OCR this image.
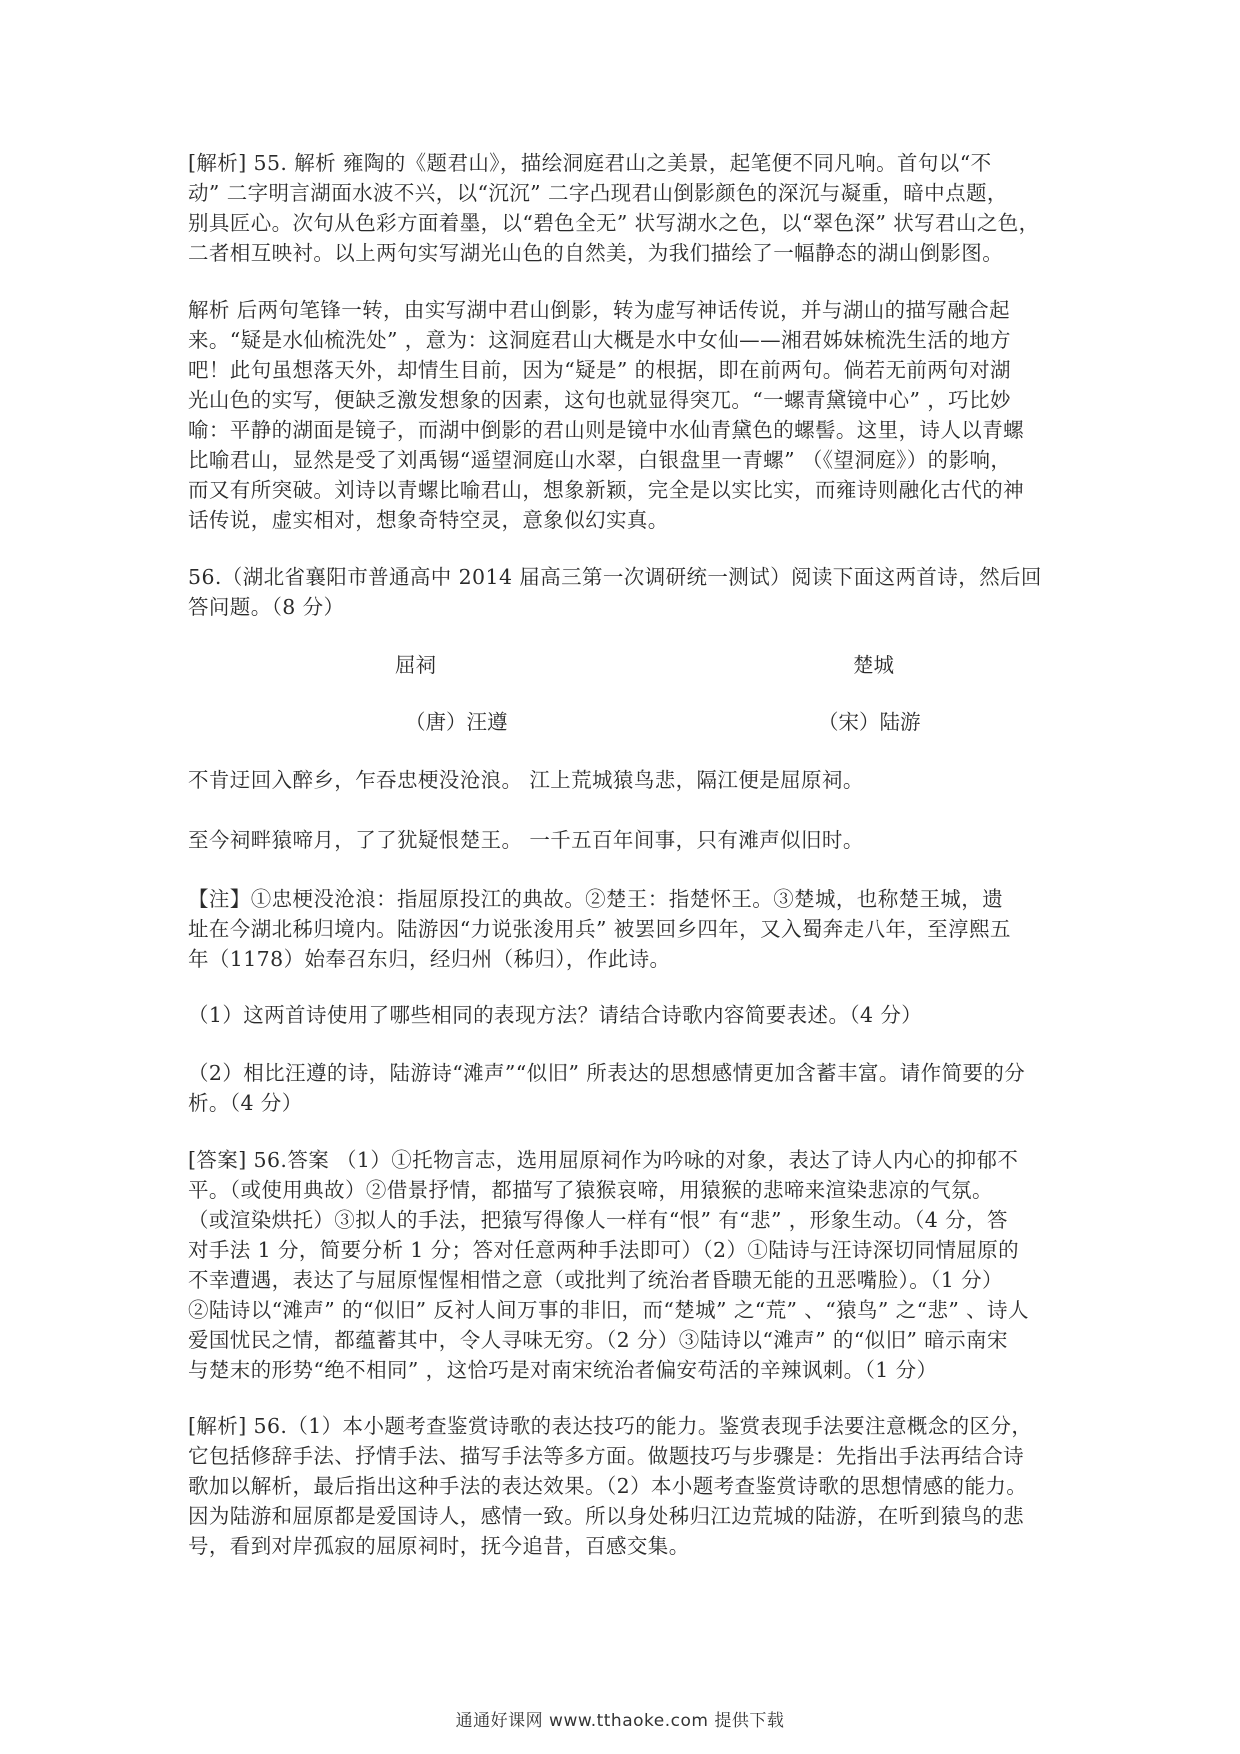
[解析] 55. 解析 雍陶的《题君山》，描绘洞庭君山之美景，起笔便不同凡响。首句以“不
动” 二字明言湖面水波不兴，以“沉沉” 二字凸现君山倒影颜色的深沉与凝重，暗中点题，
别具匠心。次句从色彩方面着墨，以“碧色全无” 状写湖水之色，以“翠色深” 状写君山之色，
二者相互映衬。以上两句实写湖光山色的自然美，为我们描绘了一幅静态的湖山倒影图。
解析 后两句笔锋一转，由实写湖中君山倒影，转为虚写神话传说，并与湖山的描写融合起
来。“疑是水仙梳洗处” ，意为：这洞庭君山大概是水中女仙——湘君姊妹梳洗生活的地方
吧！此句虽想落天外，却情生目前，因为“疑是” 的根据，即在前两句。倘若无前两句对湖
光山色的实写，便缺乏激发想象的因素，这句也就显得突兀。“一螺青黛镜中心” ，巧比妙
喻：平静的湖面是镜子，而湖中倒影的君山则是镜中水仙青黛色的螺髻。这里，诗人以青螺
比喻君山，显然是受了刘禹锡“遥望洞庭山水翠，白银盘里一青螺” （《望洞庭》）的影响，
而又有所突破。刘诗以青螺比喻君山，想象新颖，完全是以实比实，而雍诗则融化古代的神
话传说，虚实相对，想象奇特空灵，意象似幻实真。
56.（湖北省襄阳市普通高中 2014 届高三第一次调研统一测试）阅读下面这两首诗，然后回
答问题。（8 分）
屈祠	楚城
（唐）汪遵	（宋）陆游
不肯迂回入醉乡，乍吞忠梗没沧浪。 江上荒城猿鸟悲，隔江便是屈原祠。
至今祠畔猿啼月，了了犹疑恨楚王。 一千五百年间事，只有滩声似旧时。
【注】①忠梗没沧浪：指屈原投江的典故。②楚王：指楚怀王。③楚城，也称楚王城，遗
址在今湖北秭归境内。陆游因“力说张浚用兵” 被罢回乡四年，又入蜀奔走八年，至淳熙五
年（1178）始奉召东归，经归州（秭归），作此诗。
（1）这两首诗使用了哪些相同的表现方法？请结合诗歌内容简要表述。（4 分）
（2）相比汪遵的诗，陆游诗“滩声”“似旧” 所表达的思想感情更加含蓄丰富。请作简要的分
析。（4 分）
[答案] 56.答案 （1）①托物言志，选用屈原祠作为吟咏的对象，表达了诗人内心的抑郁不
平。（或使用典故）②借景抒情，都描写了猿猴哀啼，用猿猴的悲啼来渲染悲凉的气氛。
（或渲染烘托）③拟人的手法，把猿写得像人一样有“恨” 有“悲” ，形象生动。（4 分，答
对手法 1 分，简要分析 1 分；答对任意两种手法即可）（2）①陆诗与汪诗深切同情屈原的
不幸遭遇，表达了与屈原惺惺相惜之意（或批判了统治者昏聩无能的丑恶嘴脸）。（1 分）
②陆诗以“滩声” 的“似旧” 反衬人间万事的非旧，而“楚城” 之“荒” 、“猿鸟” 之“悲” 、诗人
爱国忧民之情，都蕴蓄其中，令人寻味无穷。（2 分）③陆诗以“滩声” 的“似旧” 暗示南宋
与楚末的形势“绝不相同” ，这恰巧是对南宋统治者偏安苟活的辛辣讽刺。（1 分）
[解析] 56.（1）本小题考查鉴赏诗歌的表达技巧的能力。鉴赏表现手法要注意概念的区分，
它包括修辞手法、抒情手法、描写手法等多方面。做题技巧与步骤是：先指出手法再结合诗
歌加以解析，最后指出这种手法的表达效果。（2）本小题考查鉴赏诗歌的思想情感的能力。
因为陆游和屈原都是爱国诗人，感情一致。所以身处秭归江边荒城的陆游，在听到猿鸟的悲
号，看到对岸孤寂的屈原祠时，抚今追昔，百感交集。
通通好课网 www.tthaoke.com 提供下载
